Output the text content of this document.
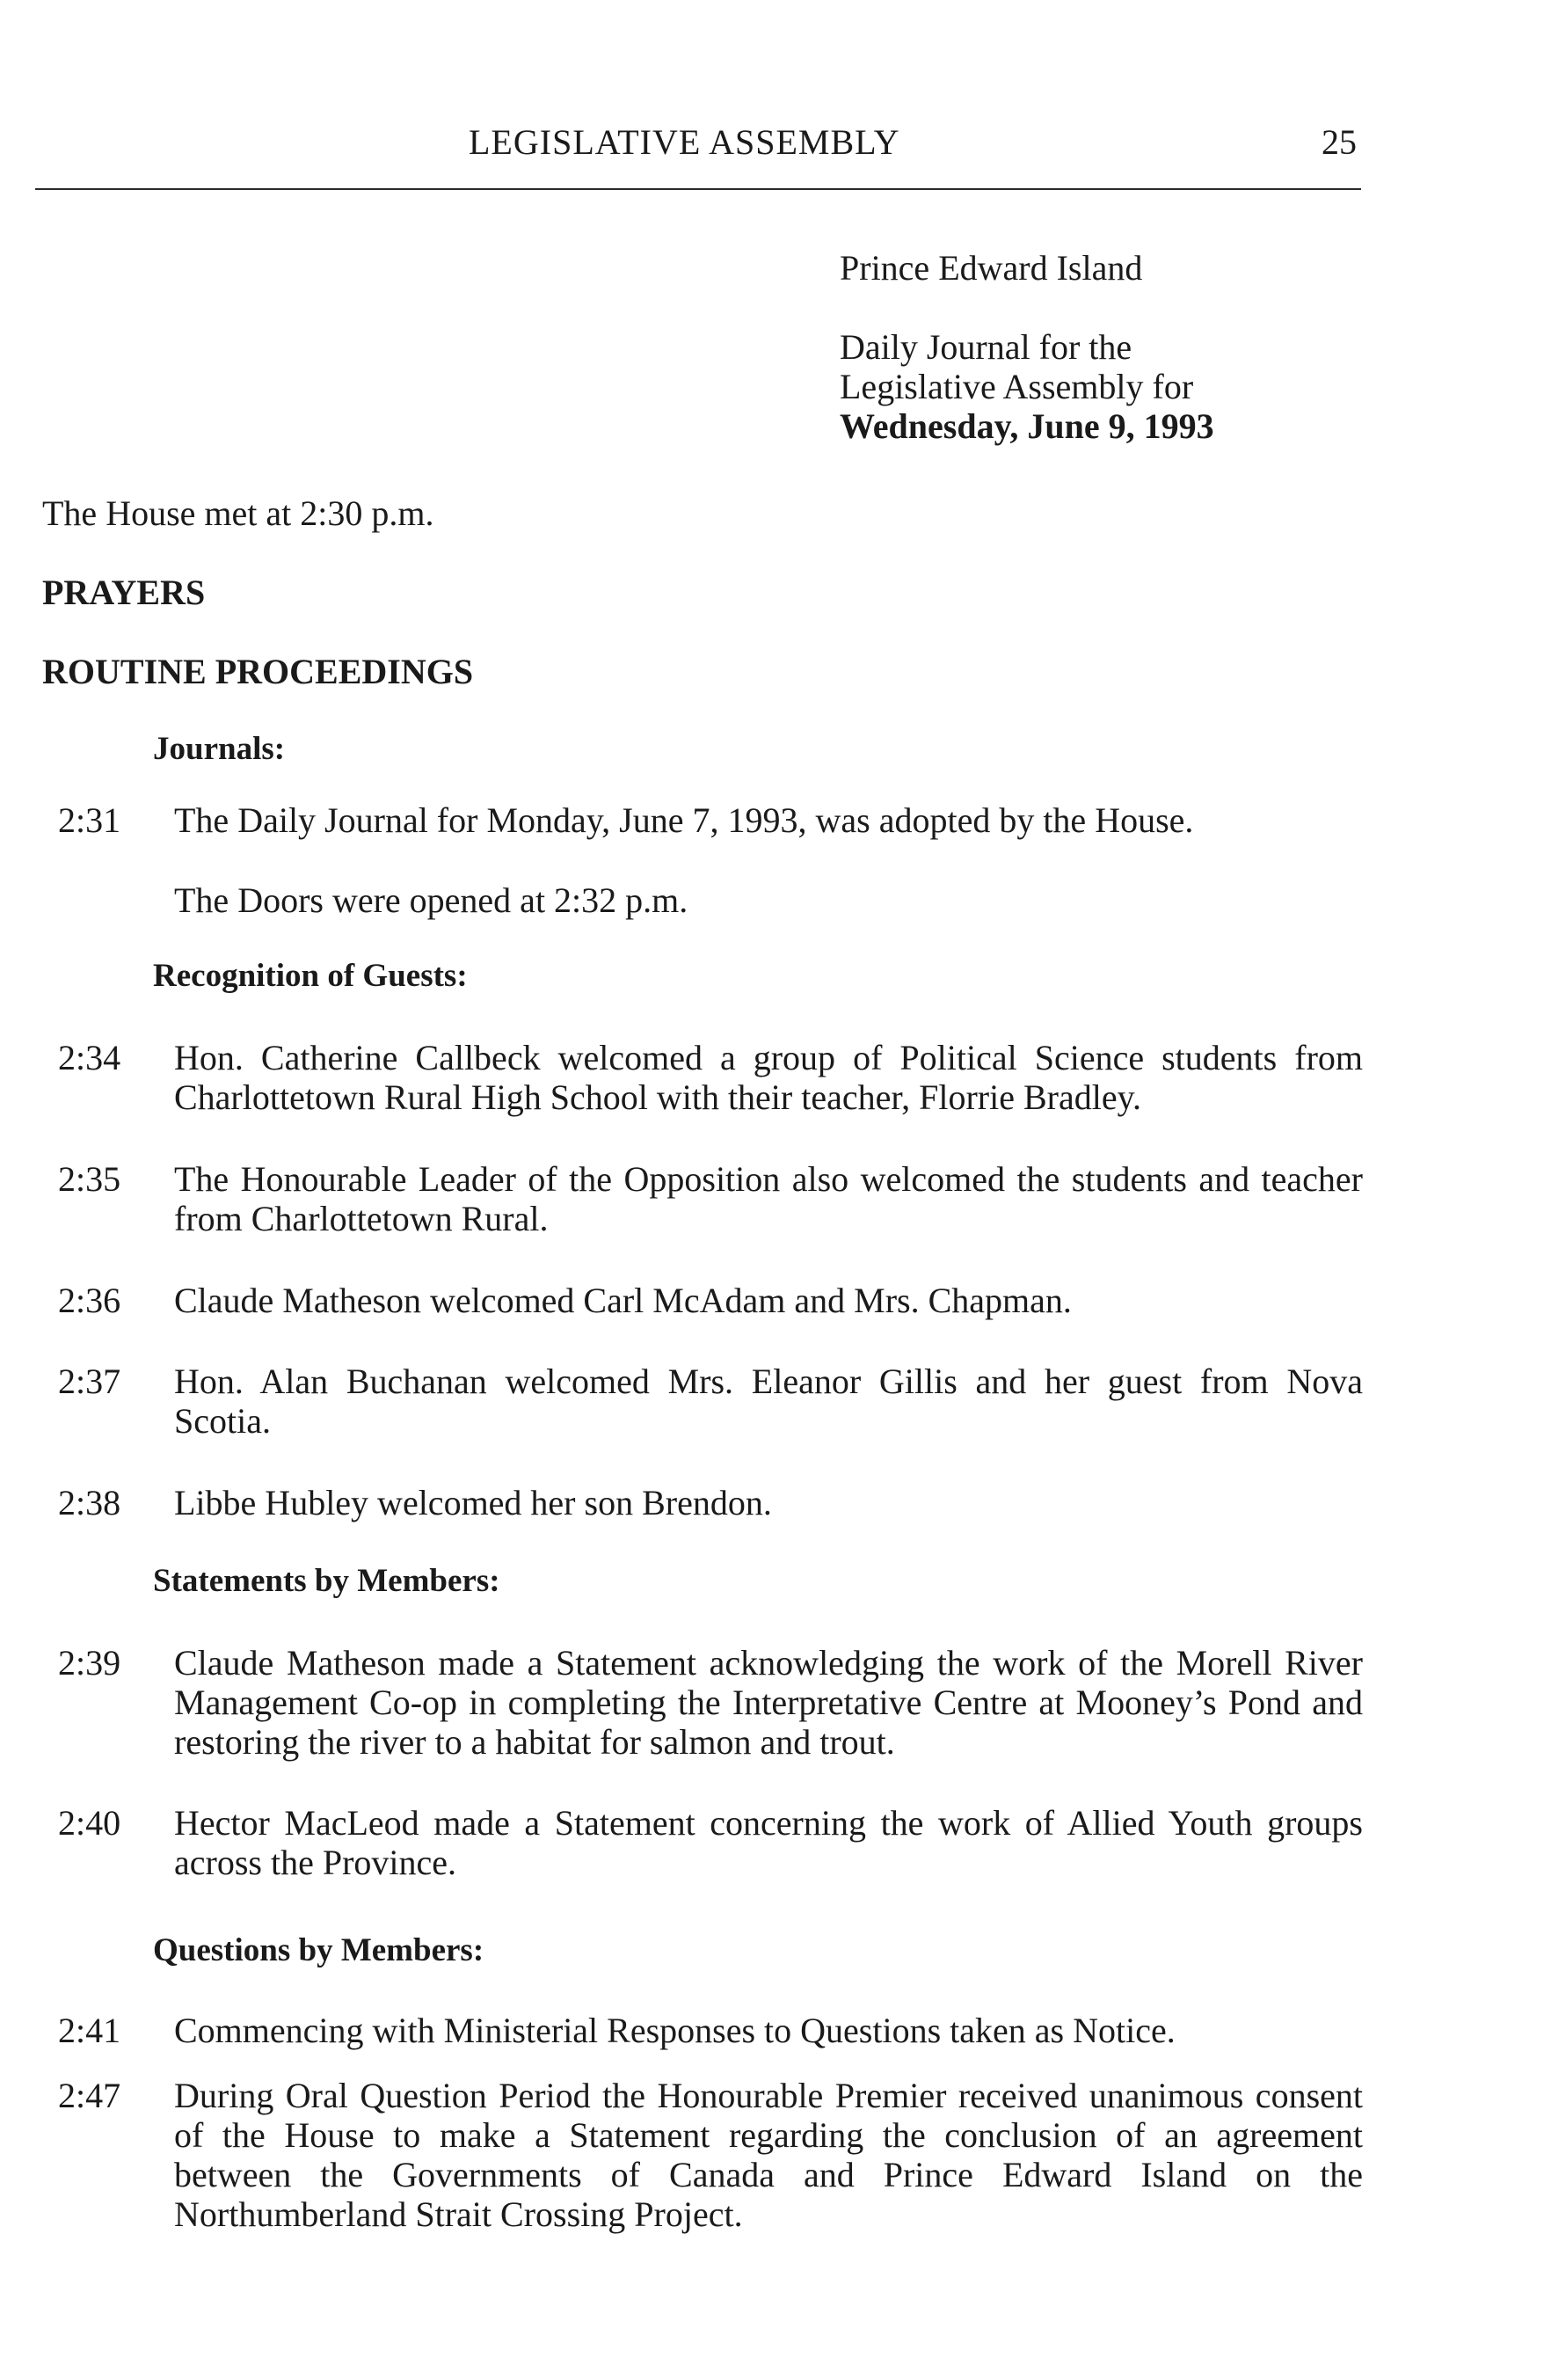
LEGISLATIVE ASSEMBLY	25
Prince Edward Island
Daily Journal for the
Legislative Assembly for
Wednesday, June 9, 1993
The House met at 2:30 p.m.
PRAYERS
ROUTINE PROCEEDINGS
Journals:
2:31 The Daily Journal for Monday, June 7, 1993, was adopted by the House.
The Doors were opened at 2:32 p.m.
Recognition of Guests:
2:34 Hon. Catherine Callbeck welcomed a group of Political Science students from Charlottetown Rural High School with their teacher, Florrie Bradley.
2:35 The Honourable Leader of the Opposition also welcomed the students and teacher from Charlottetown Rural.
2:36 Claude Matheson welcomed Carl McAdam and Mrs. Chapman.
2:37 Hon. Alan Buchanan welcomed Mrs. Eleanor Gillis and her guest from Nova Scotia.
2:38 Libbe Hubley welcomed her son Brendon.
Statements by Members:
2:39 Claude Matheson made a Statement acknowledging the work of the Morell River Management Co-op in completing the Interpretative Centre at Mooney’s Pond and restoring the river to a habitat for salmon and trout.
2:40 Hector MacLeod made a Statement concerning the work of Allied Youth groups across the Province.
Questions by Members:
2:41 Commencing with Ministerial Responses to Questions taken as Notice.
2:47 During Oral Question Period the Honourable Premier received unanimous consent of the House to make a Statement regarding the conclusion of an agreement between the Governments of Canada and Prince Edward Island on the Northumberland Strait Crossing Project.
